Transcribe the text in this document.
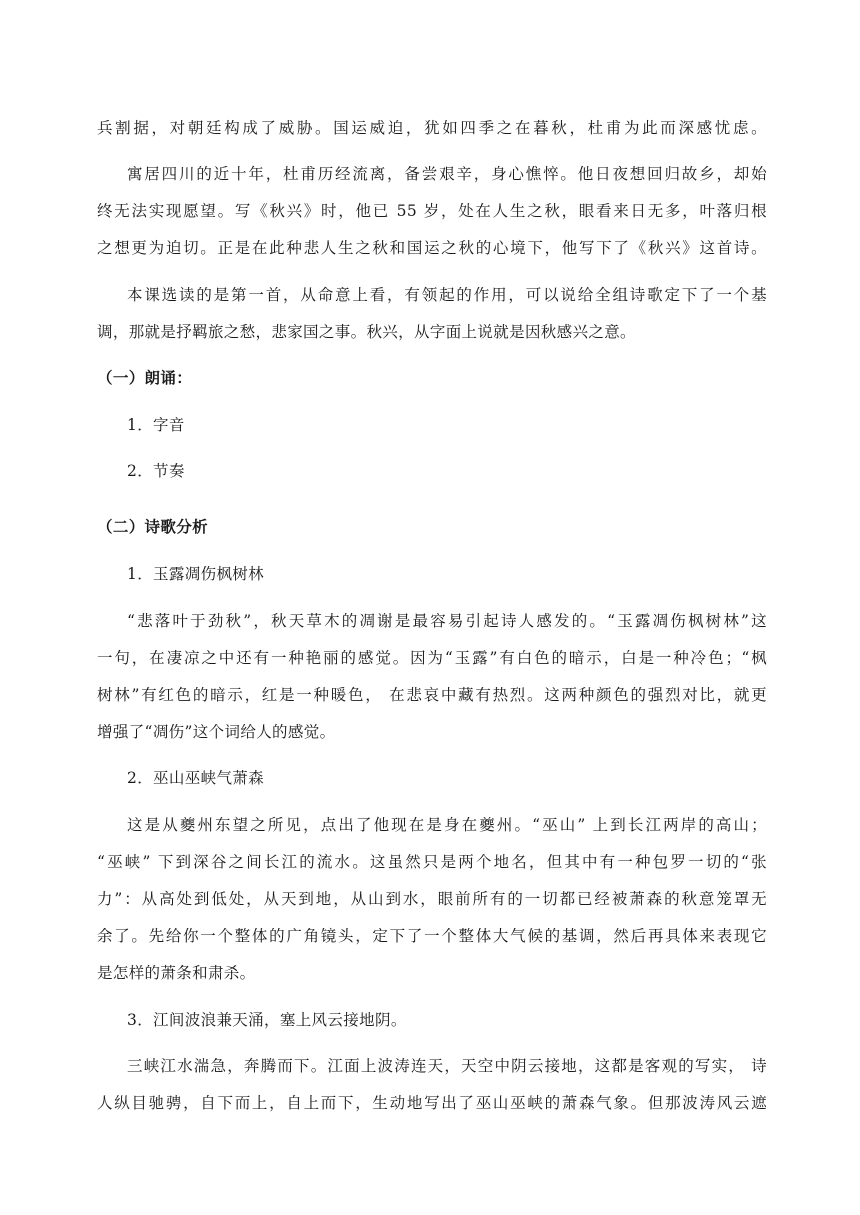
兵割据，对朝廷构成了威胁。国运威迫，犹如四季之在暮秋，杜甫为此而深感忧虑。
寓居四川的近十年，杜甫历经流离，备尝艰辛，身心憔悴。他日夜想回归故乡，却始
终无法实现愿望。写《秋兴》时，他已 55 岁，处在人生之秋，眼看来日无多，叶落归根
之想更为迫切。正是在此种悲人生之秋和国运之秋的心境下，他写下了《秋兴》这首诗。
本课选读的是第一首，从命意上看，有领起的作用，可以说给全组诗歌定下了一个基
调，那就是抒羁旅之愁，悲家国之事。秋兴，从字面上说就是因秋感兴之意。
（一）朗诵：
1．字音
2．节奏
（二）诗歌分析
1．玉露凋伤枫树林
“悲落叶于劲秋”，秋天草木的凋谢是最容易引起诗人感发的。“玉露凋伤枫树林”这
一句，在凄凉之中还有一种艳丽的感觉。因为“玉露”有白色的暗示，白是一种冷色；“枫
树林”有红色的暗示，红是一种暖色， 在悲哀中藏有热烈。这两种颜色的强烈对比，就更
增强了“凋伤”这个词给人的感觉。
2．巫山巫峡气萧森
这是从夔州东望之所见，点出了他现在是身在夔州。“巫山” 上到长江两岸的高山；
“巫峡” 下到深谷之间长江的流水。这虽然只是两个地名，但其中有一种包罗一切的“张
力”：从高处到低处，从天到地，从山到水，眼前所有的一切都已经被萧森的秋意笼罩无
余了。先给你一个整体的广角镜头，定下了一个整体大气候的基调，然后再具体来表现它
是怎样的萧条和肃杀。
3．江间波浪兼天涌，塞上风云接地阴。
三峡江水湍急，奔腾而下。江面上波涛连天，天空中阴云接地，这都是客观的写实， 诗
人纵目驰骋，自下而上，自上而下，生动地写出了巫山巫峡的萧森气象。但那波涛风云遮
